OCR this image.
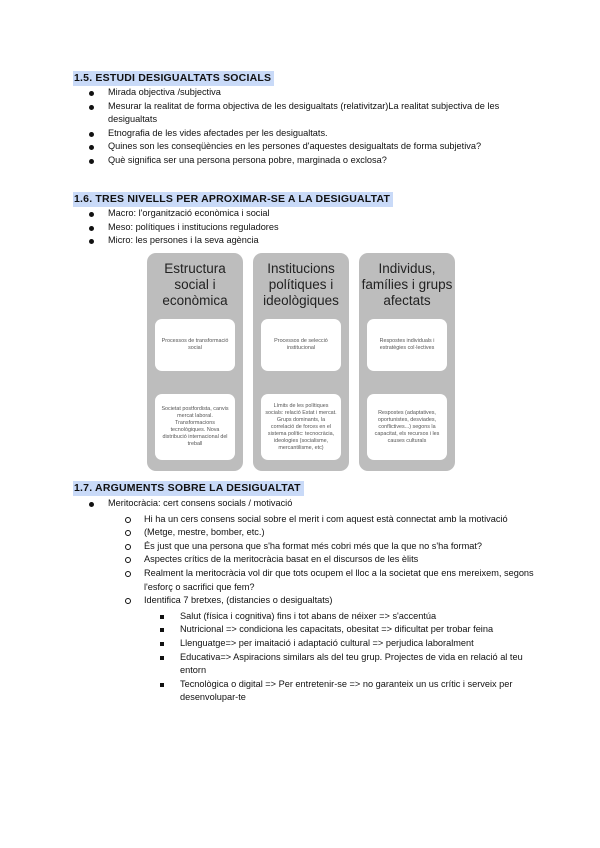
1.5. ESTUDI DESIGUALTATS SOCIALS
Mirada objectiva /subjectiva
Mesurar la realitat de forma objectiva de les desigualtats (relativitzar)La realitat subjectiva de les desigualtats
Etnografia de les vides afectades per les desigualtats.
Quines son les conseqüències en les persones d'aquestes desigualtats de forma subjetiva?
Què significa ser una persona persona pobre, marginada o exclosa?
1.6. TRES NIVELLS PER APROXIMAR-SE A LA DESIGUALTAT
Macro: l'organització econòmica i social
Meso: polítiques i institucions reguladores
Micro: les persones i la seva agència
Estructura social i econòmica
Processos de transformació social
Societat postfordista, canvis mercat laboral. Transformacions tecnològiques. Nova distribució internacional del treball
Institucions polítiques i ideològiques
Processos de selecció institucional
Límits de les polítiques socials: relació Estat i mercat. Grups dominants, la correlació de forces en el sistema polític: tecnocràcia, ideologies (socialisme, mercantilisme, etc)
Individus, famílies i grups afectats
Respostes individuals i estratègies col·lectives
Respostes (adaptatives, oportunistes, desviades, conflictives...) segons la capacitat, els recursos i les causes culturals
1.7. ARGUMENTS SOBRE LA DESIGUALTAT
Meritocràcia: cert consens socials / motivació
Hi ha un cers consens social sobre el merit i com aquest està connectat amb la motivació
(Metge, mestre, bomber, etc.)
És just que una persona que s'ha format més cobri més que la que no s'ha format?
Aspectes crítics de la meritocràcia basat en el discursos de les èlits
Realment la meritocràcia vol dir que tots ocupem el lloc a la societat que ens mereixem, segons l'esforç o sacrifici que fem?
Identifica 7 bretxes, (distancies o desigualtats)
Salut (física i cognitiva) fins i tot abans de néixer => s'accentúa
Nutricional => condiciona les capacitats, obesitat => dificultat per trobar feina
Llenguatge=> per imaitació i adaptació cultural => perjudica laboralment
Educativa=> Aspiracions similars als del teu grup. Projectes de vida en relació al teu entorn
Tecnològica o digital => Per entretenir-se => no garanteix un us crític i serveix per desenvolupar-te
